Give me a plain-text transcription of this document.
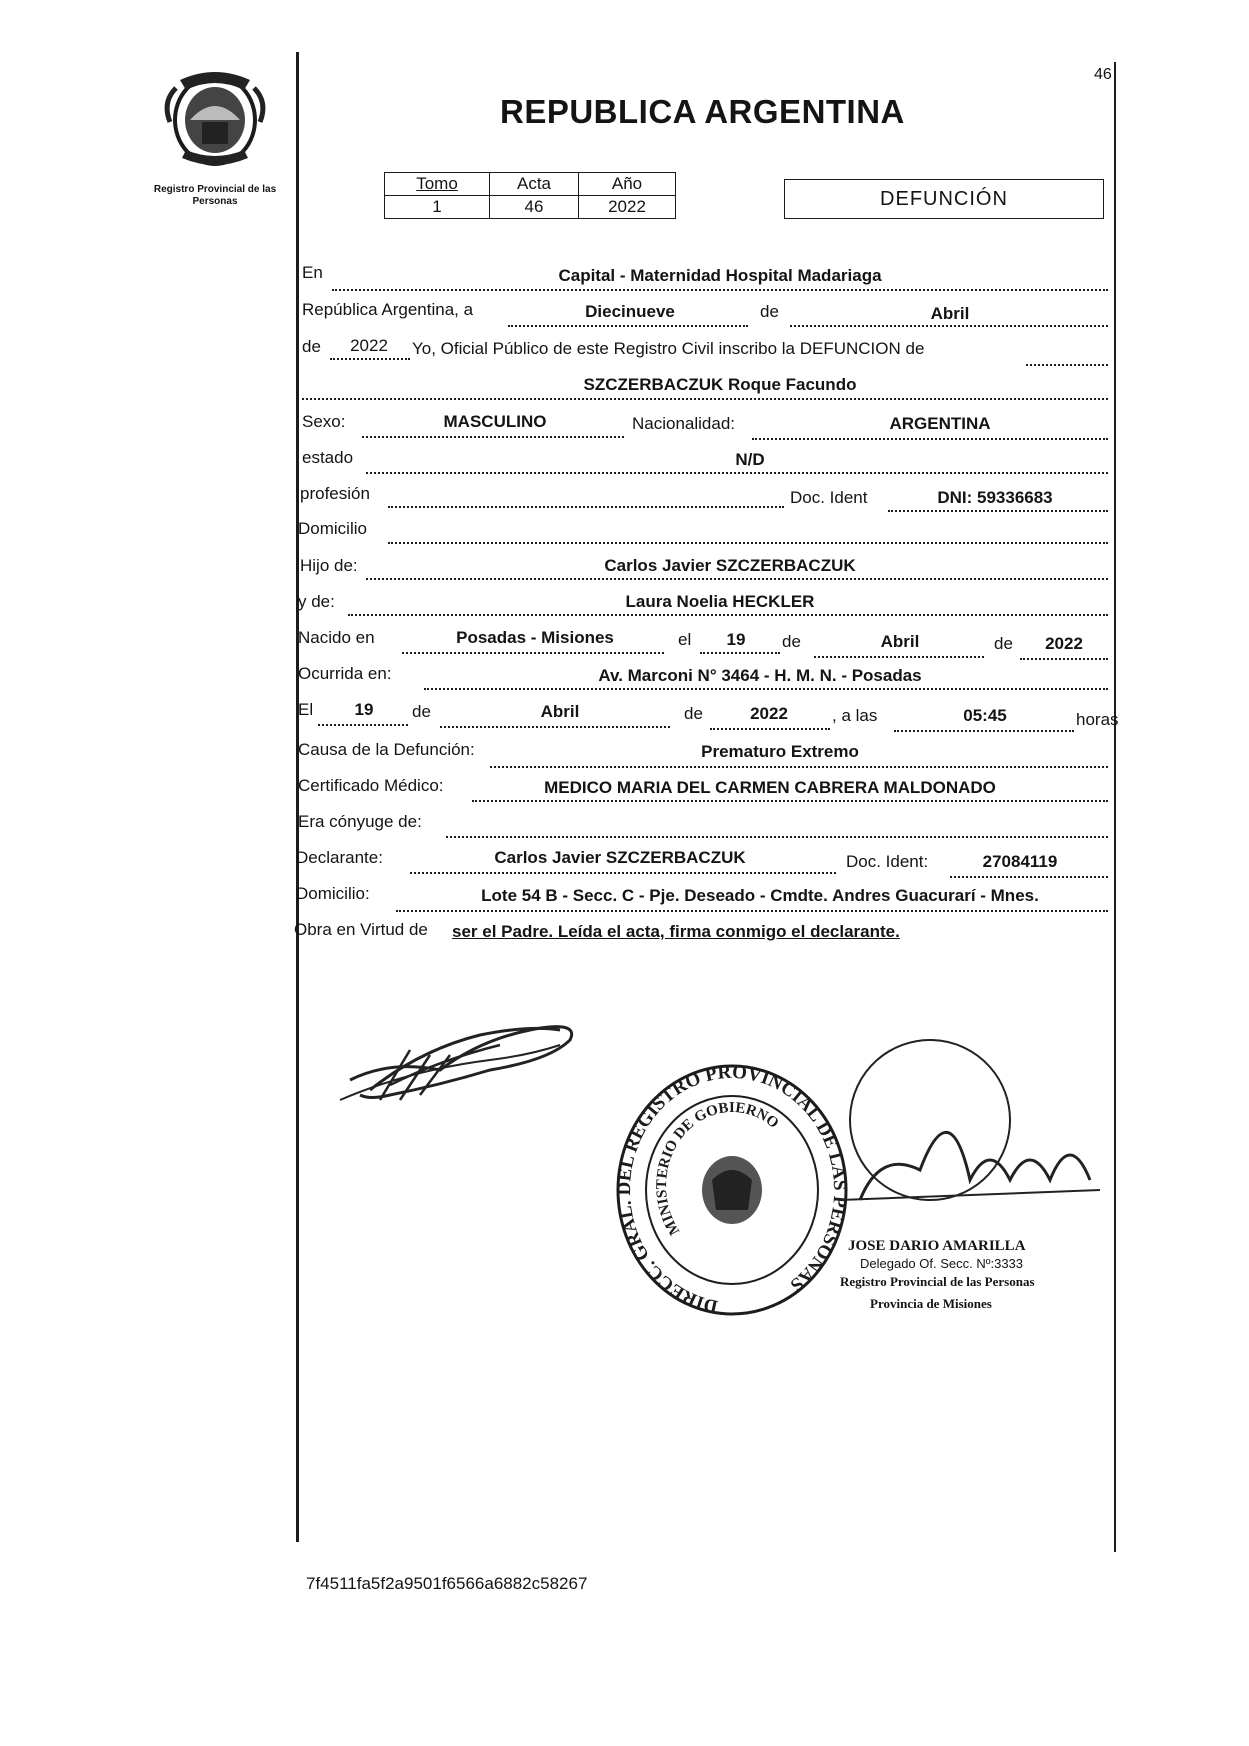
Registro Provincial de las Personas
46
REPUBLICA ARGENTINA
Tomo	Acta	Año
1	46	2022	DEFUNCIÓN
En	Capital - Maternidad Hospital Madariaga
República Argentina, a	Diecinueve	de	Abril
de	2022	Yo, Oficial Público de este Registro Civil inscribo la DEFUNCION de
SZCZERBACZUK Roque Facundo
Sexo:	MASCULINO	Nacionalidad:	ARGENTINA
estado	N/D
profesión	Doc. Ident	DNI: 59336683
Domicilio
Hijo de:	Carlos Javier SZCZERBACZUK
y de:	Laura Noelia HECKLER
Nacido en	Posadas - Misiones	el	19	de	Abril	de	2022
Ocurrida en:	Av. Marconi N° 3464 - H. M. N. - Posadas
El	19	de	Abril	de	2022	, a las	05:45	horas
Causa de la Defunción:	Prematuro Extremo
Certificado Médico:	MEDICO MARIA DEL CARMEN CABRERA MALDONADO
Era cónyuge de:
Declarante:	Carlos Javier SZCZERBACZUK	Doc. Ident:	27084119
Domicilio:	Lote 54 B - Secc. C - Pje. Deseado - Cmdte. Andres Guacurarí - Mnes.
Obra en Virtud de ser el Padre. Leída el acta, firma conmigo el declarante.
DIRECC. GRAL. DEL REGISTRO PROVINCIAL DE LAS PERSONAS
MINISTERIO DE GOBIERNO
JOSE DARIO AMARILLA
Delegado Of. Secc. Nº:3333
Registro Provincial de las Personas
Provincia de Misiones
7f4511fa5f2a9501f6566a6882c58267
